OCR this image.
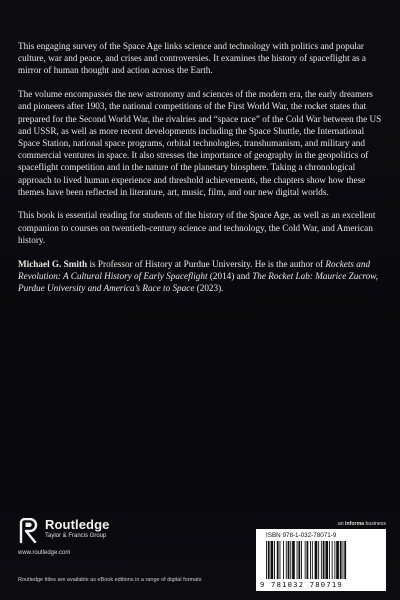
This engaging survey of the Space Age links science and technology with politics and popular culture, war and peace, and crises and controversies. It examines the history of spaceflight as a mirror of human thought and action across the Earth.

The volume encompasses the new astronomy and sciences of the modern era, the early dreamers and pioneers after 1903, the national competitions of the First World War, the rocket states that prepared for the Second World War, the rivalries and “space race” of the Cold War between the US and USSR, as well as more recent developments including the Space Shuttle, the International Space Station, national space programs, orbital technologies, transhumanism, and military and commercial ventures in space. It also stresses the importance of geography in the geopolitics of spaceflight competition and in the nature of the planetary biosphere. Taking a chronological approach to lived human experience and threshold achievements, the chapters show how these themes have been reflected in literature, art, music, film, and our new digital worlds.

This book is essential reading for students of the history of the Space Age, as well as an excellent companion to courses on twentieth-century science and technology, the Cold War, and American history.

Michael G. Smith is Professor of History at Purdue University. He is the author of Rockets and Revolution: A Cultural History of Early Spaceflight (2014) and The Rocket Lab: Maurice Zucrow, Purdue University and America’s Race to Space (2023).

Routledge
Taylor & Francis Group
www.routledge.com
Routledge titles are available as eBook editions in a range of digital formats
an informa business
ISBN 978-1-032-78071-9
9 781032 780719
